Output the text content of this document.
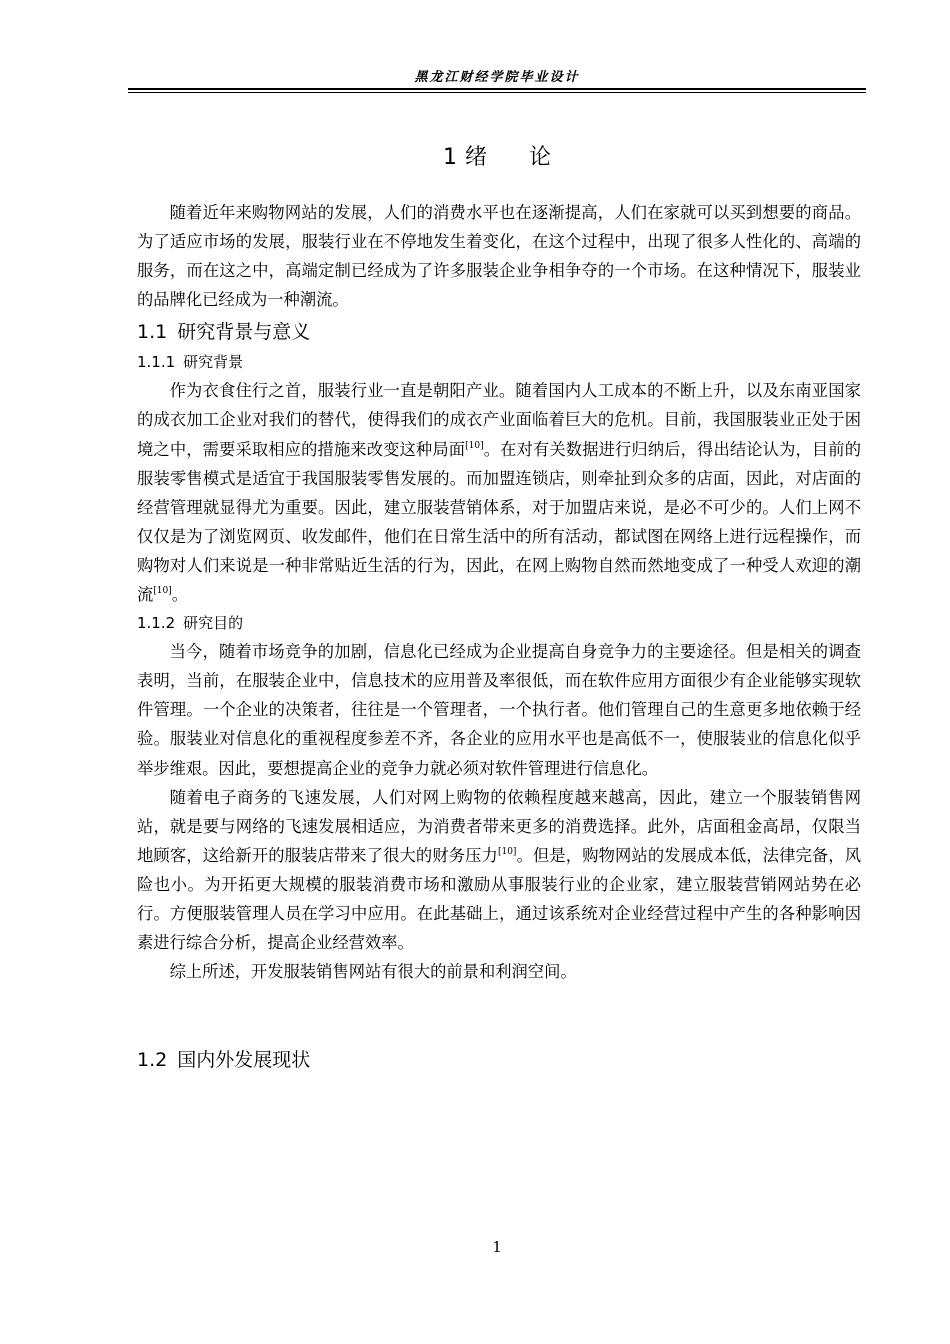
黑龙江财经学院毕业设计
1 绪 论

随着近年来购物网站的发展，人们的消费水平也在逐渐提高，人们在家就可以买到想要的商品。为了适应市场的发展，服装行业在不停地发生着变化，在这个过程中，出现了很多人性化的、高端的服务，而在这之中，高端定制已经成为了许多服装企业争相争夺的一个市场。在这种情况下，服装业的品牌化已经成为一种潮流。

1.1 研究背景与意义
1.1.1 研究背景

作为衣食住行之首，服装行业一直是朝阳产业。随着国内人工成本的不断上升，以及东南亚国家的成衣加工企业对我们的替代，使得我们的成衣产业面临着巨大的危机。目前，我国服装业正处于困境之中，需要采取相应的措施来改变这种局面[10]。在对有关数据进行归纳后，得出结论认为，目前的服装零售模式是适宜于我国服装零售发展的。而加盟连锁店，则牵扯到众多的店面，因此，对店面的经营管理就显得尤为重要。因此，建立服装营销体系，对于加盟店来说，是必不可少的。人们上网不仅仅是为了浏览网页、收发邮件，他们在日常生活中的所有活动，都试图在网络上进行远程操作，而购物对人们来说是一种非常贴近生活的行为，因此，在网上购物自然而然地变成了一种受人欢迎的潮流[10]。

1.1.2 研究目的

当今，随着市场竞争的加剧，信息化已经成为企业提高自身竞争力的主要途径。但是相关的调查表明，当前，在服装企业中，信息技术的应用普及率很低，而在软件应用方面很少有企业能够实现软件管理。一个企业的决策者，往往是一个管理者，一个执行者。他们管理自己的生意更多地依赖于经验。服装业对信息化的重视程度参差不齐，各企业的应用水平也是高低不一，使服装业的信息化似乎举步维艰。因此，要想提高企业的竞争力就必须对软件管理进行信息化。

随着电子商务的飞速发展，人们对网上购物的依赖程度越来越高，因此，建立一个服装销售网站，就是要与网络的飞速发展相适应，为消费者带来更多的消费选择。此外，店面租金高昂，仅限当地顾客，这给新开的服装店带来了很大的财务压力[10]。但是，购物网站的发展成本低，法律完备，风险也小。为开拓更大规模的服装消费市场和激励从事服装行业的企业家，建立服装营销网站势在必行。方便服装管理人员在学习中应用。在此基础上，通过该系统对企业经营过程中产生的各种影响因素进行综合分析，提高企业经营效率。

综上所述，开发服装销售网站有很大的前景和利润空间。

1.2 国内外发展现状
1
